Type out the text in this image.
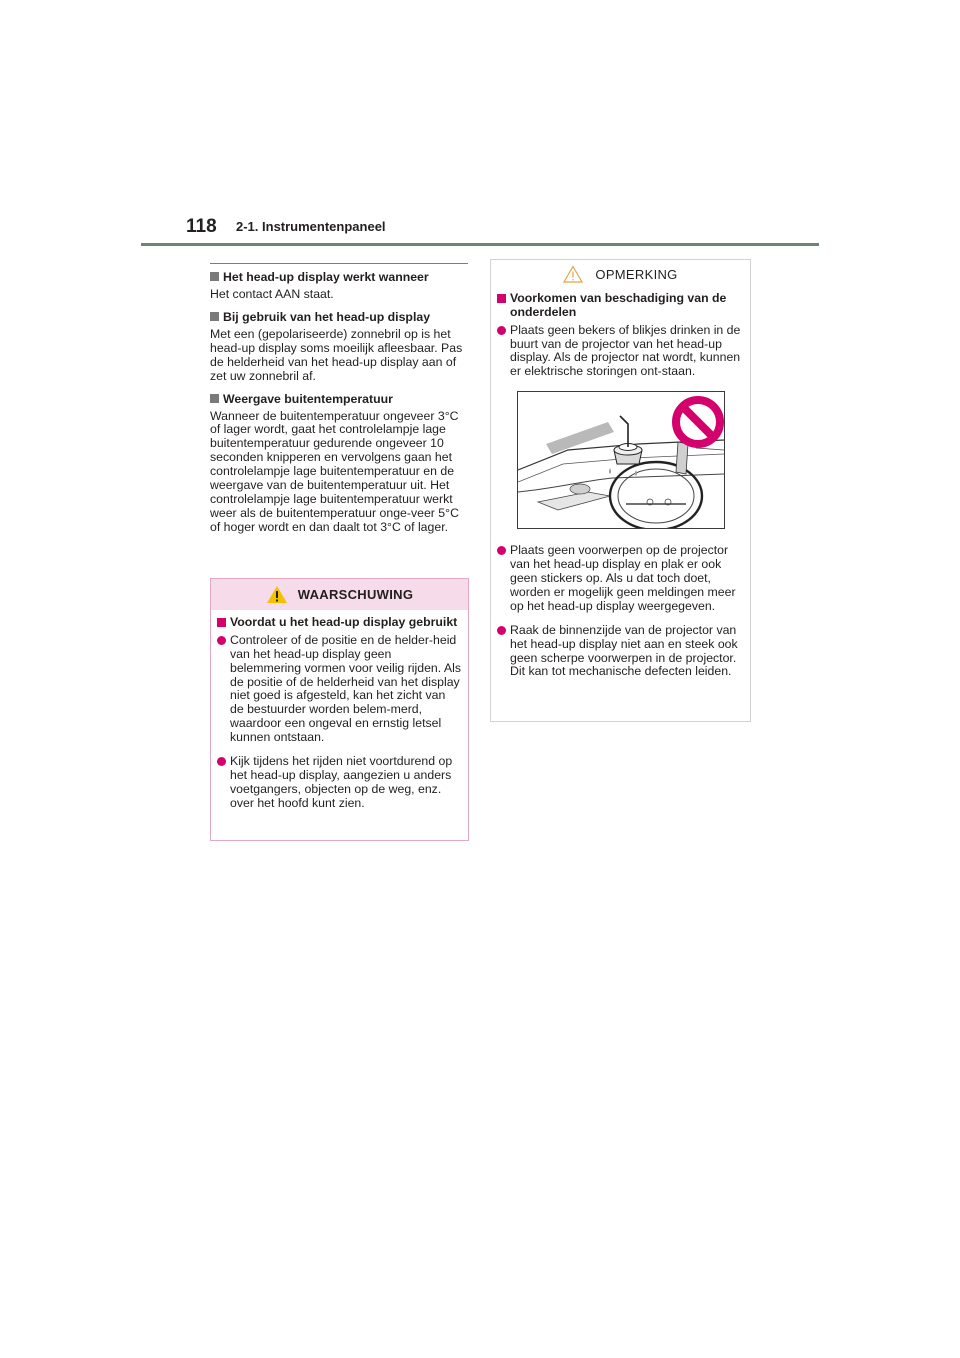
118 2-1. Instrumentenpaneel
Het head-up display werkt wanneer

Het contact AAN staat.

Bij gebruik van het head-up display

Met een (gepolariseerde) zonnebril op is het head-up display soms moeilijk afleesbaar. Pas de helderheid van het head-up display aan of zet uw zonnebril af.

Weergave buitentemperatuur

Wanneer de buitentemperatuur ongeveer 3°C of lager wordt, gaat het controlelampje lage buitentemperatuur gedurende ongeveer 10 seconden knipperen en vervolgens gaan het controlelampje lage buitentemperatuur en de weergave van de buitentemperatuur uit. Het controlelampje lage buitentemperatuur werkt weer als de buitentemperatuur onge-veer 5°C of hoger wordt en dan daalt tot 3°C of lager.

WAARSCHUWING
Voordat u het head-up display gebruikt
Controleer of de positie en de helder-heid van het head-up display geen belemmering vormen voor veilig rijden. Als de positie of de helderheid van het display niet goed is afgesteld, kan het zicht van de bestuurder worden belem-merd, waardoor een ongeval en ernstig letsel kunnen ontstaan.
Kijk tijdens het rijden niet voortdurend op het head-up display, aangezien u anders voetgangers, objecten op de weg, enz. over het hoofd kunt zien.
OPMERKING
Voorkomen van beschadiging van de onderdelen
Plaats geen bekers of blikjes drinken in de buurt van de projector van het head-up display. Als de projector nat wordt, kunnen er elektrische storingen ont-staan.
Plaats geen voorwerpen op de projector van het head-up display en plak er ook geen stickers op. Als u dat toch doet, worden er mogelijk geen meldingen meer op het head-up display weergegeven.
Raak de binnenzijde van de projector van het head-up display niet aan en steek ook geen scherpe voorwerpen in de projector. Dit kan tot mechanische defecten leiden.
